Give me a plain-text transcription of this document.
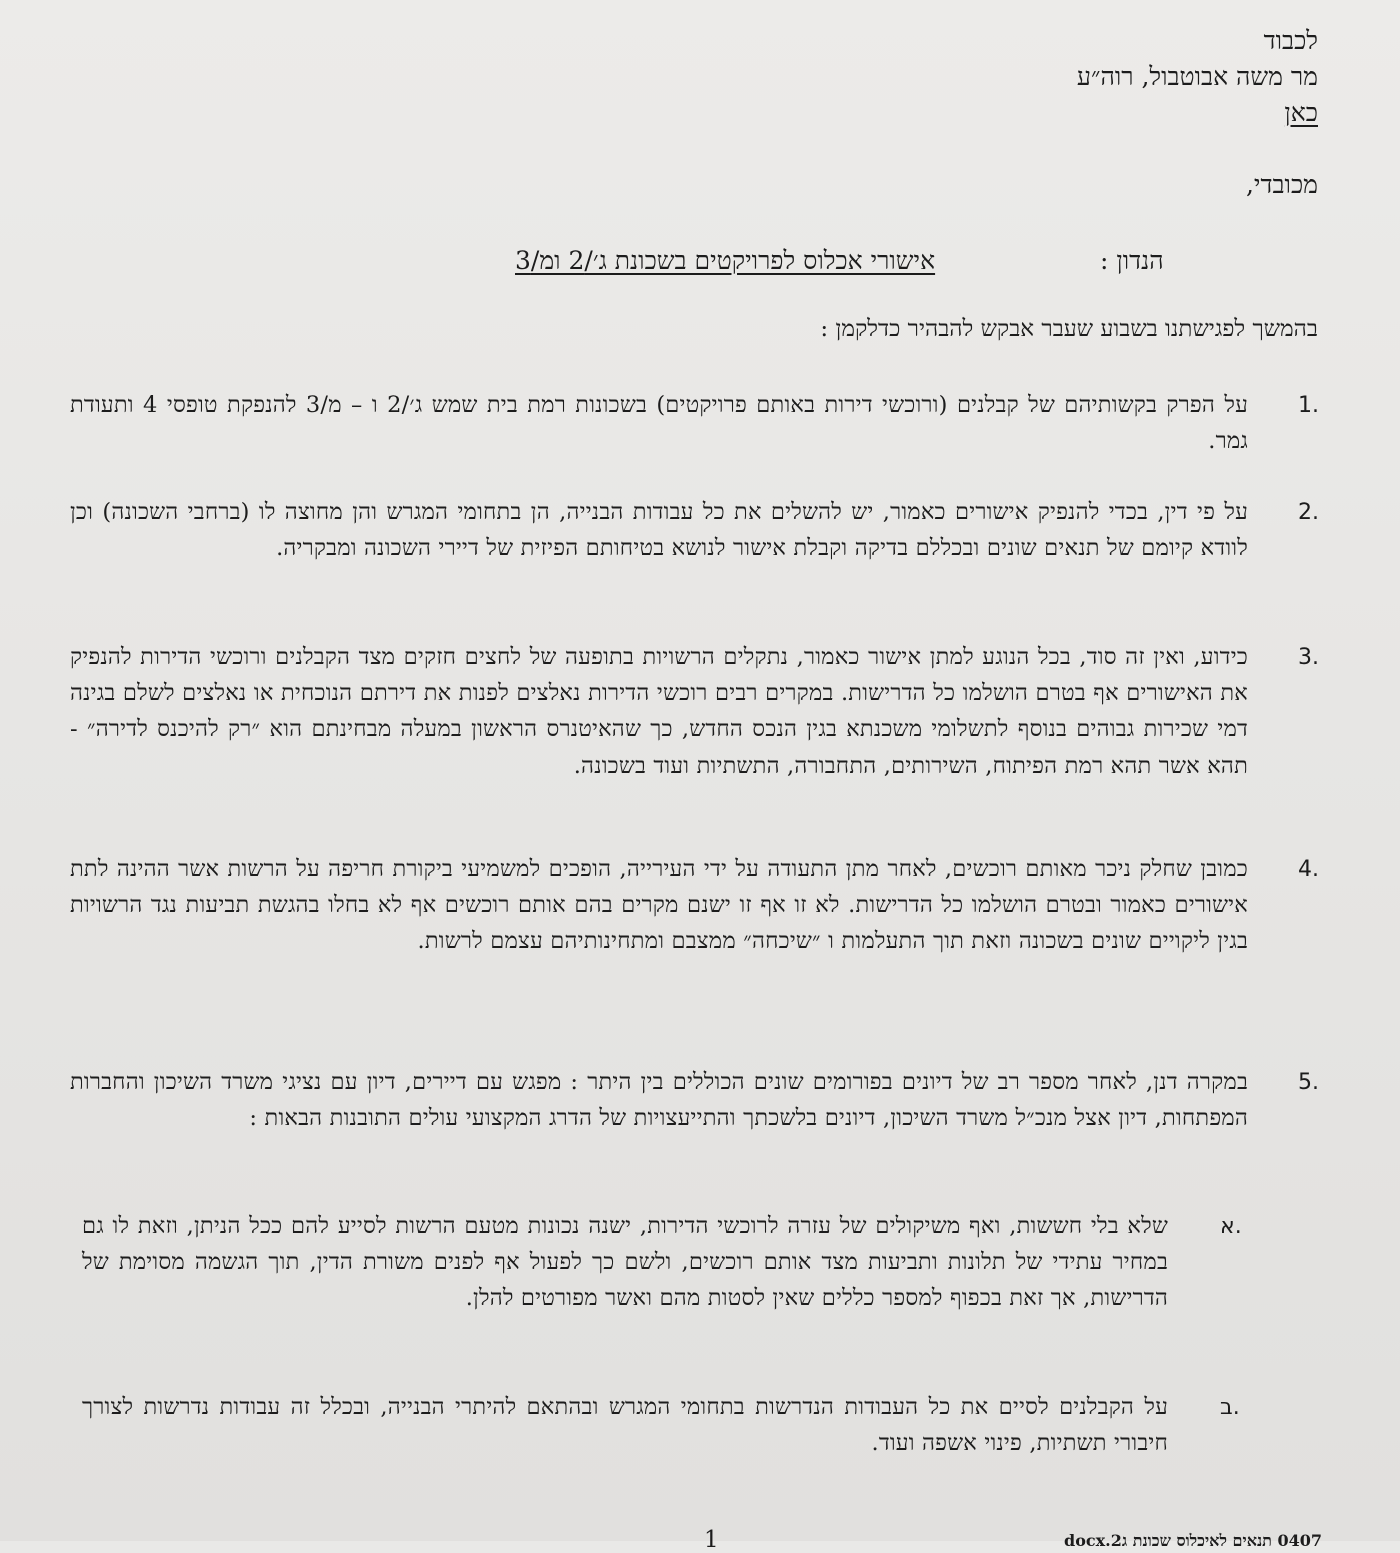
לכבוד
מר משה אבוטבול, רוה״ע
כאן
מכובדי,
הנדון :
אישורי אכלוס לפרויקטים בשכונת ג׳/2 ומ/3
בהמשך לפגישתנו בשבוע שעבר אבקש להבהיר כדלקמן :
1.
על הפרק בקשותיהם של קבלנים (ורוכשי דירות באותם פרויקטים) בשכונות רמת בית שמש ג׳/2 ו – מ/3 להנפקת טופסי 4 ותעודת גמר.
2.
על פי דין, בכדי להנפיק אישורים כאמור, יש להשלים את כל עבודות הבנייה, הן בתחומי המגרש והן מחוצה לו (ברחבי השכונה) וכן לוודא קיומם של תנאים שונים ובכללם בדיקה וקבלת אישור לנושא בטיחותם הפיזית של דיירי השכונה ומבקריה.
3.
כידוע, ואין זה סוד, בכל הנוגע למתן אישור כאמור, נתקלים הרשויות בתופעה של לחצים חזקים מצד הקבלנים ורוכשי הדירות להנפיק את האישורים אף בטרם הושלמו כל הדרישות. במקרים רבים רוכשי הדירות נאלצים לפנות את דירתם הנוכחית או נאלצים לשלם בגינה דמי שכירות גבוהים בנוסף לתשלומי משכנתא בגין הנכס החדש, כך שהאיטנרס הראשון במעלה מבחינתם הוא ״רק להיכנס לדירה״ - תהא אשר תהא רמת הפיתוח, השירותים, התחבורה, התשתיות ועוד בשכונה.
4.
כמובן שחלק ניכר מאותם רוכשים, לאחר מתן התעודה על ידי העירייה, הופכים למשמיעי ביקורת חריפה על הרשות אשר ההינה לתת אישורים כאמור ובטרם הושלמו כל הדרישות. לא זו אף זו ישנם מקרים בהם אותם רוכשים אף לא בחלו בהגשת תביעות נגד הרשויות בגין ליקויים שונים בשכונה וזאת תוך התעלמות ו ״שיכחה״ ממצבם ומתחינותיהם עצמם לרשות.
5.
במקרה דנן, לאחר מספר רב של דיונים בפורומים שונים הכוללים בין היתר : מפגש עם דיירים, דיון עם נציגי משרד השיכון והחברות המפתחות, דיון אצל מנכ״ל משרד השיכון, דיונים בלשכתך והתייעצויות של הדרג המקצועי עולים התובנות הבאות :
א.
שלא בלי חששות, ואף משיקולים של עזרה לרוכשי הדירות, ישנה נכונות מטעם הרשות לסייע להם ככל הניתן, וזאת לו גם במחיר עתידי של תלונות ותביעות מצד אותם רוכשים, ולשם כך לפעול אף לפנים משורת הדין, תוך הגשמה מסוימת של הדרישות, אך זאת בכפוף למספר כללים שאין לסטות מהם ואשר מפורטים להלן.
ב.
על הקבלנים לסיים את כל העבודות הנדרשות בתחומי המגרש ובהתאם להיתרי הבנייה, ובכלל זה עבודות נדרשות לצורך חיבורי תשתיות, פינוי אשפה ועוד.
1	0407 תנאים לאיכלוס שכונת ג2.docx
